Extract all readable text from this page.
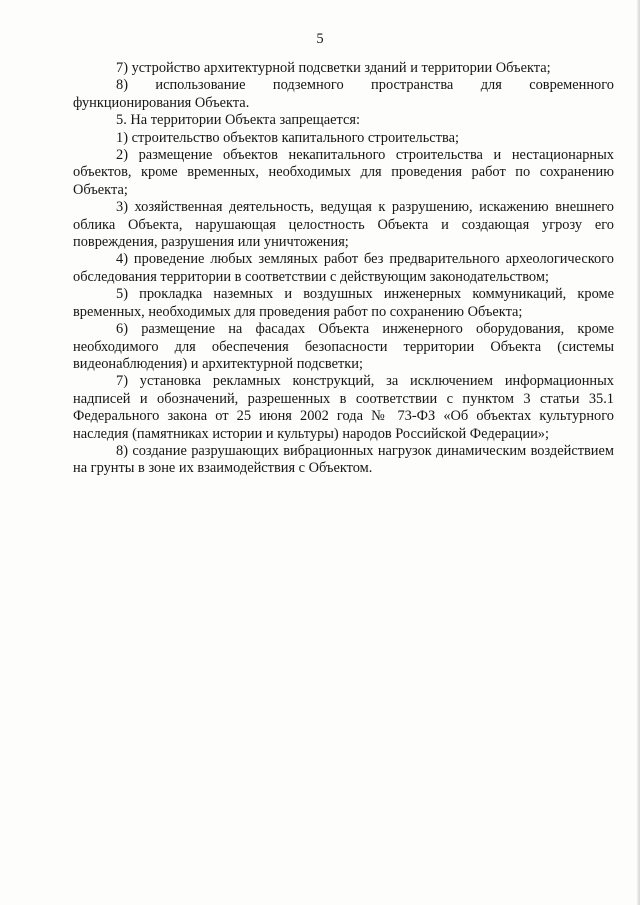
5

7) устройство архитектурной подсветки зданий и территории Объекта;

8) использование подземного пространства для современного функционирования Объекта.

5. На территории Объекта запрещается:

1) строительство объектов капитального строительства;

2) размещение объектов некапитального строительства и нестационарных объектов, кроме временных, необходимых для проведения работ по сохранению Объекта;

3) хозяйственная деятельность, ведущая к разрушению, искажению внешнего облика Объекта, нарушающая целостность Объекта и создающая угрозу его повреждения, разрушения или уничтожения;

4) проведение любых земляных работ без предварительного археологического обследования территории в соответствии с действующим законодательством;

5) прокладка наземных и воздушных инженерных коммуникаций, кроме временных, необходимых для проведения работ по сохранению Объекта;

6) размещение на фасадах Объекта инженерного оборудования, кроме необходимого для обеспечения безопасности территории Объекта (системы видеонаблюдения) и архитектурной подсветки;

7) установка рекламных конструкций, за исключением информационных надписей и обозначений, разрешенных в соответствии с пунктом 3 статьи 35.1 Федерального закона от 25 июня 2002 года № 73-ФЗ «Об объектах культурного наследия (памятниках истории и культуры) народов Российской Федерации»;

8) создание разрушающих вибрационных нагрузок динамическим воздействием на грунты в зоне их взаимодействия с Объектом.
